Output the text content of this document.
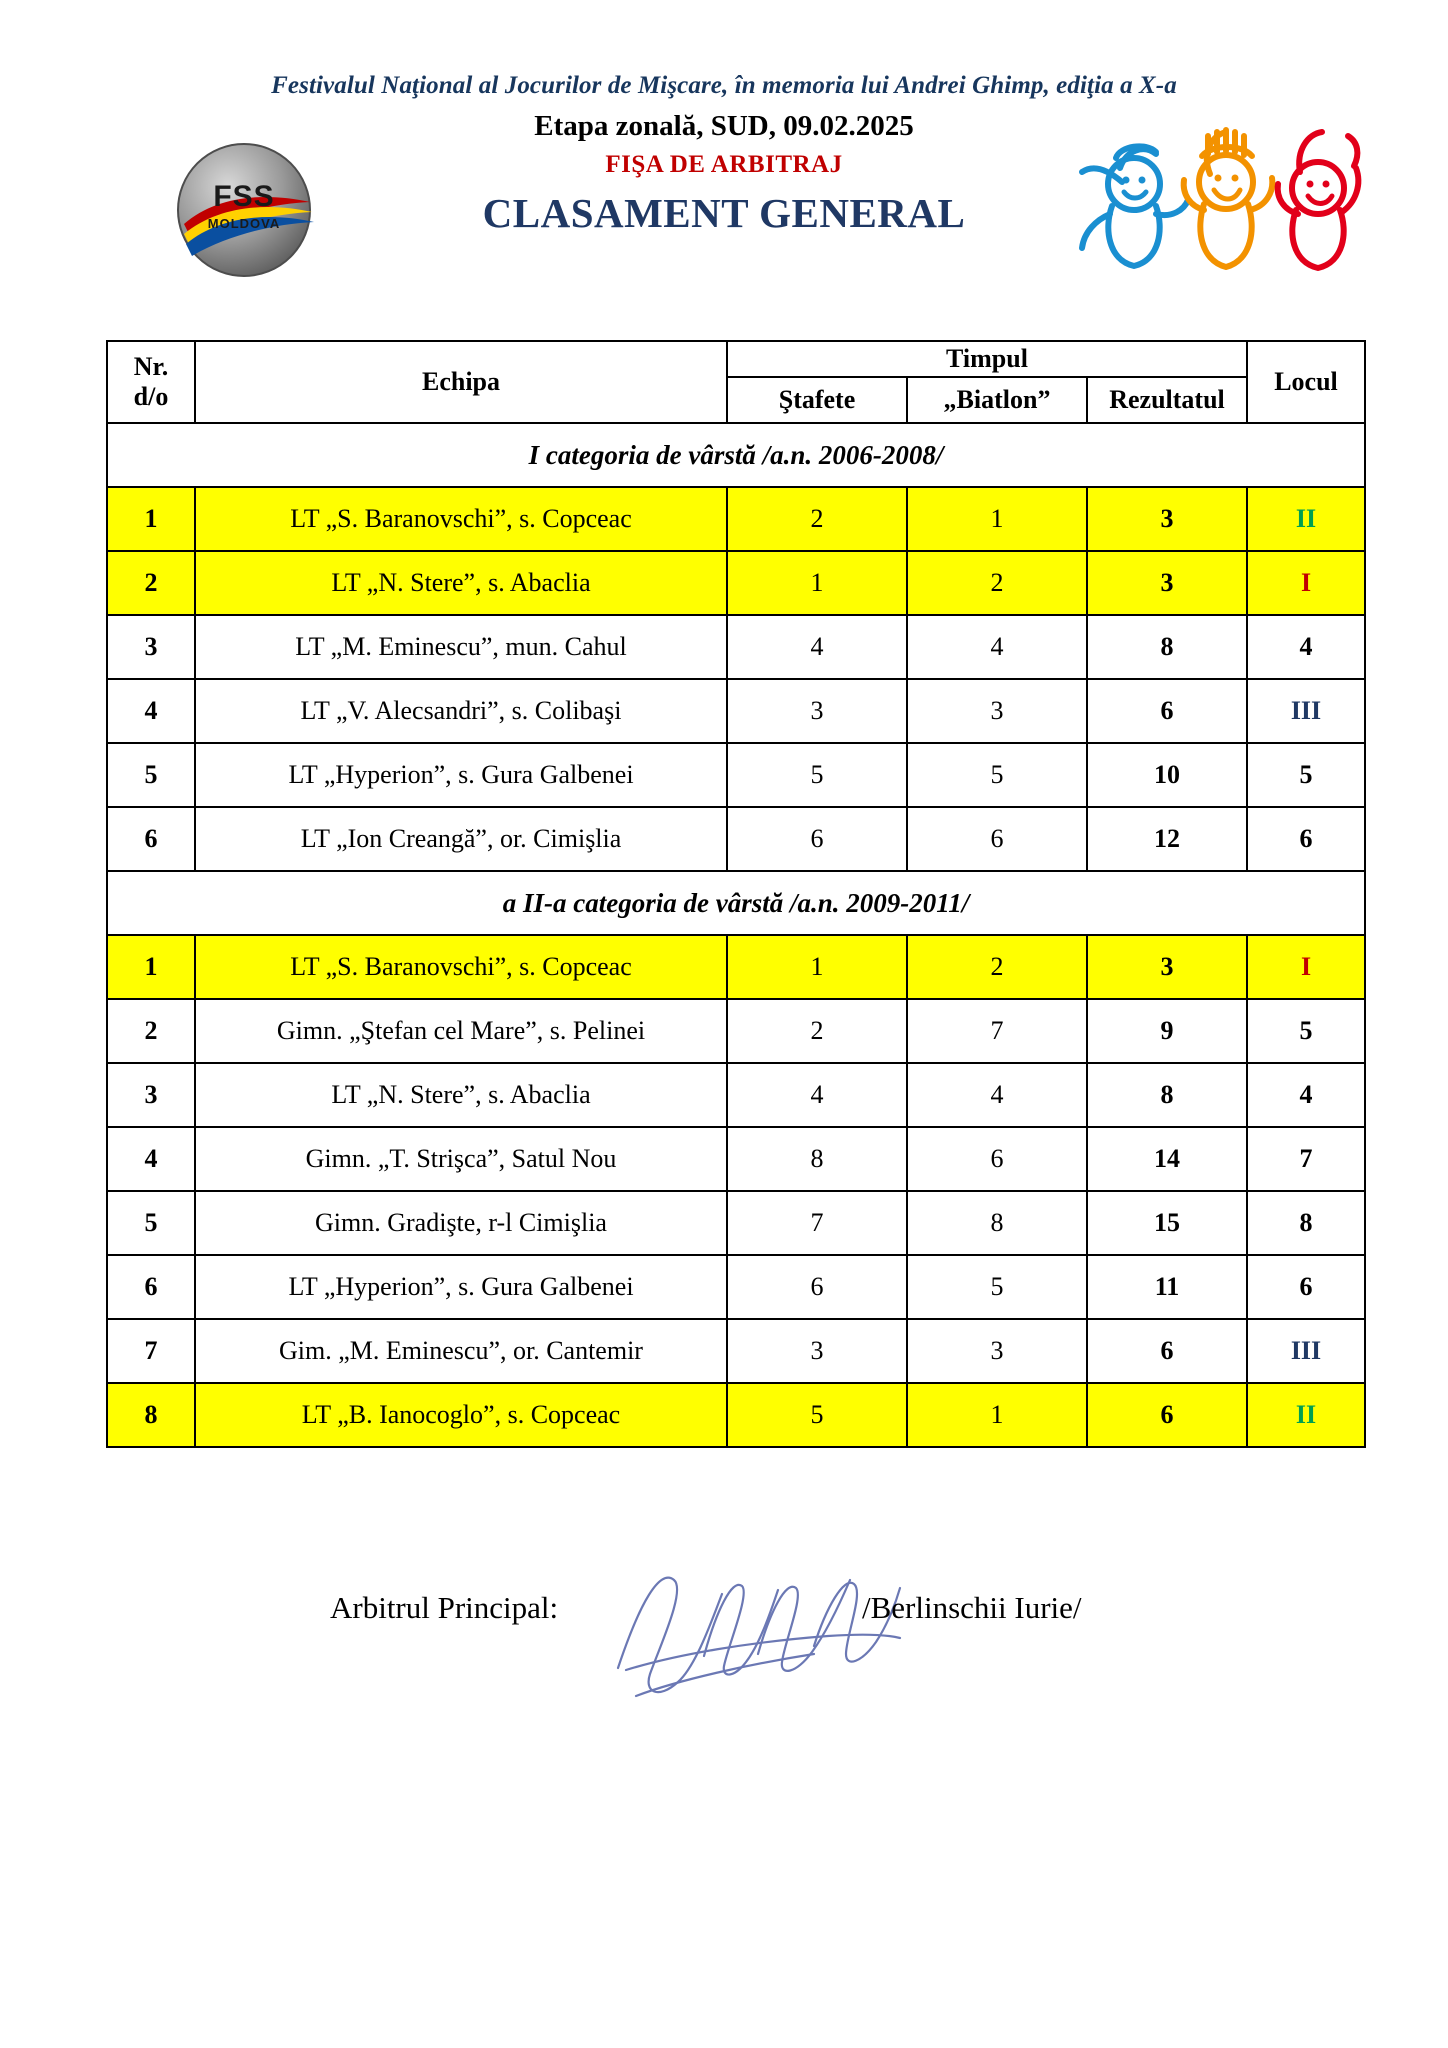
Festivalul Naţional al Jocurilor de Mişcare, în memoria lui Andrei Ghimp, ediţia a X-a
Etapa zonală, SUD, 09.02.2025
FIŞA DE ARBITRAJ
CLASAMENT GENERAL
FSS
MOLDOVA
Nr.
d/o	Echipa	Timpul			Locul
		Ştafete	„Biatlon”	Rezultatul	
I categoria de vârstă /a.n. 2006-2008/					
1	LT „S. Baranovschi”, s. Copceac	2	1	3	II
2	LT „N. Stere”, s. Abaclia	1	2	3	I
3	LT „M. Eminescu”, mun. Cahul	4	4	8	4
4	LT „V. Alecsandri”, s. Colibaşi	3	3	6	III
5	LT „Hyperion”, s. Gura Galbenei	5	5	10	5
6	LT „Ion Creangă”, or. Cimişlia	6	6	12	6
a II-a categoria de vârstă /a.n. 2009-2011/					
1	LT „S. Baranovschi”, s. Copceac	1	2	3	I
2	Gimn. „Ştefan cel Mare”, s. Pelinei	2	7	9	5
3	LT „N. Stere”, s. Abaclia	4	4	8	4
4	Gimn. „T. Strişca”, Satul Nou	8	6	14	7
5	Gimn. Gradişte, r-l Cimişlia	7	8	15	8
6	LT „Hyperion”, s. Gura Galbenei	6	5	11	6
7	Gim. „M. Eminescu”, or. Cantemir	3	3	6	III
8	LT „B. Ianocoglo”, s. Copceac	5	1	6	II
Arbitrul Principal:	/Berlinschii Iurie/
